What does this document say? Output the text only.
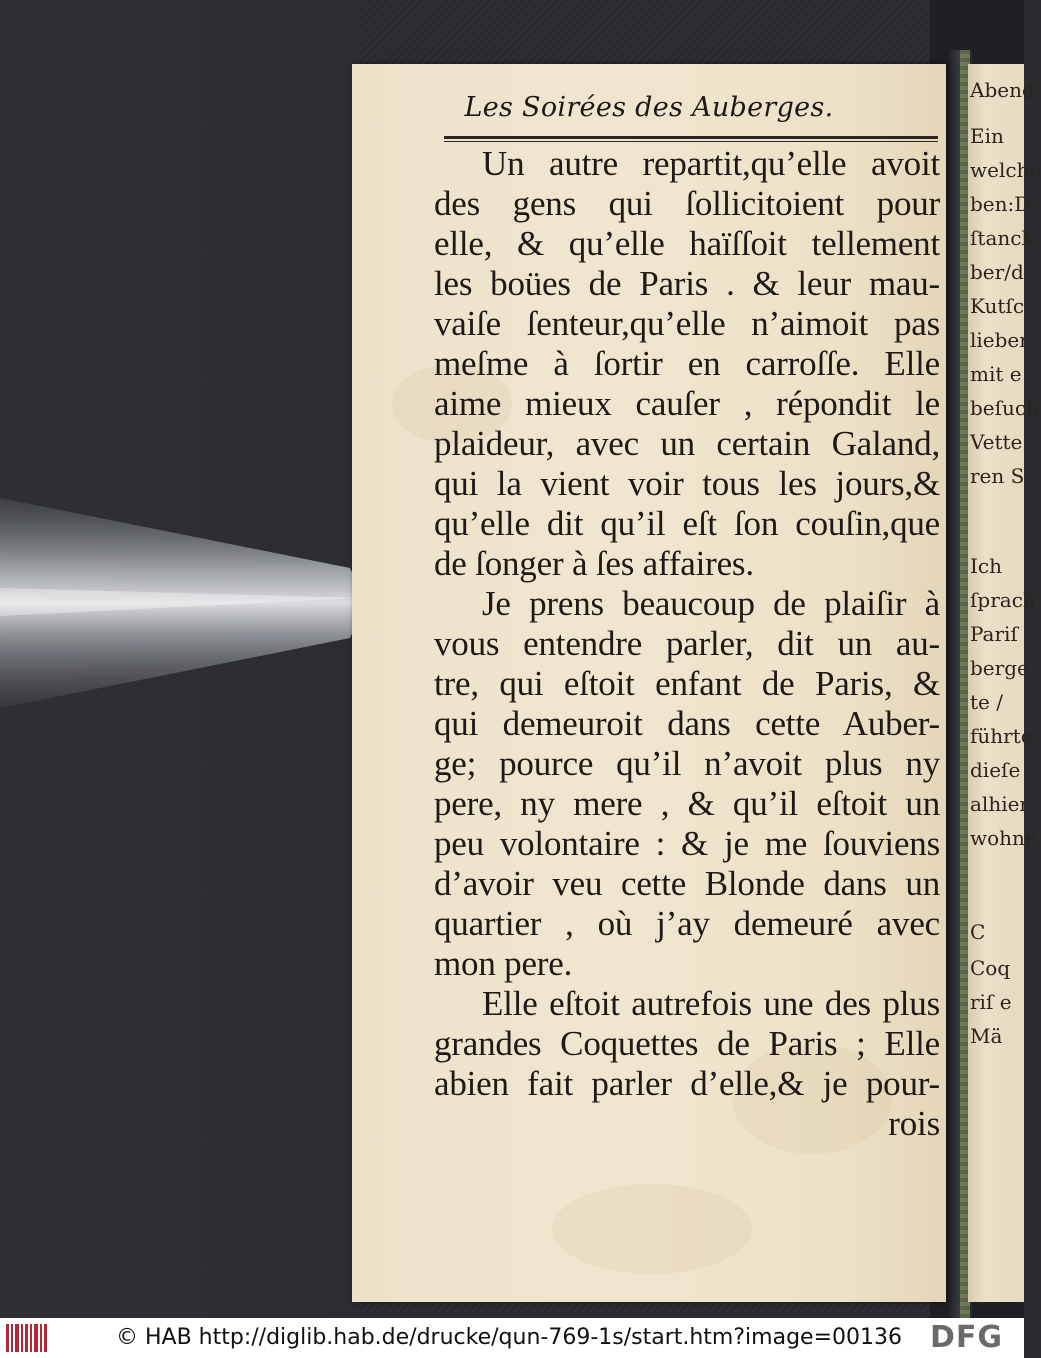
Abend
Ein
welche
ben:D
ſtanck
ber/d
Kutſc
lieber
mit e
beſuch
Vette
ren S
Ich
ſprach
Pariſ
berge
te /
führte
dieſe
alhier
wohne
C
Coq
riſ e
Mä
Les Soirées des Auberges.
Un autre repartit,qu’elle avoit
des gens qui ſollicitoient pour
elle, & qu’elle haïſſoit tellement
les boües de Paris . & leur mau-
vaiſe ſenteur,qu’elle n’aimoit pas
meſme à ſortir en carroſſe. Elle
aime mieux cauſer , répondit le
plaideur, avec un certain Galand,
qui la vient voir tous les jours,&
qu’elle dit qu’il eſt ſon couſin,que
de ſonger à ſes affaires.
Je prens beaucoup de plaiſir à
vous entendre parler, dit un au-
tre, qui eſtoit enfant de Paris, &
qui demeuroit dans cette Auber-
ge; pource qu’il n’avoit plus ny
pere, ny mere , & qu’il eſtoit un
peu volontaire : & je me ſouviens
d’avoir veu cette Blonde dans un
quartier , où j’ay demeuré avec
mon pere.
Elle eſtoit autrefois une des plus
grandes Coquettes de Paris ; Elle
abien fait parler d’elle,& je pour-
rois
© HAB http://diglib.hab.de/drucke/qun-769-1s/start.htm?image=00136 DFG
